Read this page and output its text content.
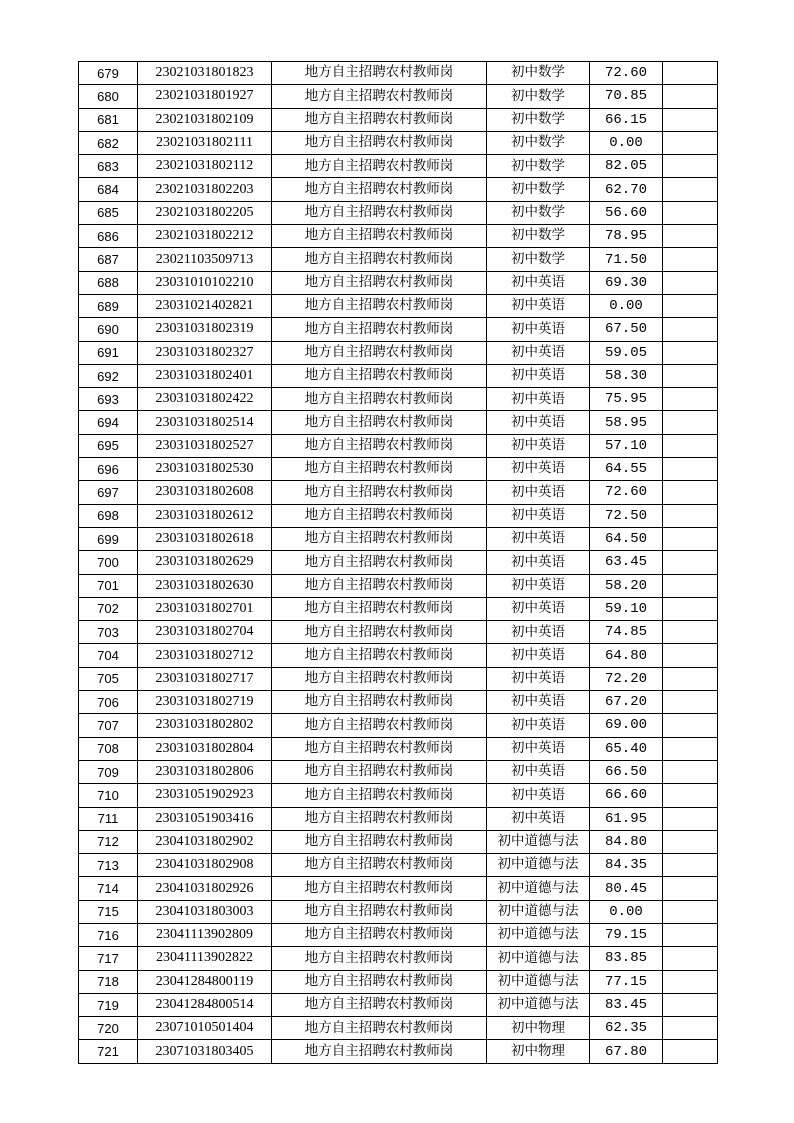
679	23021031801823	地方自主招聘农村教师岗	初中数学	72.60	
680	23021031801927	地方自主招聘农村教师岗	初中数学	70.85	
681	23021031802109	地方自主招聘农村教师岗	初中数学	66.15	
682	23021031802111	地方自主招聘农村教师岗	初中数学	0.00	
683	23021031802112	地方自主招聘农村教师岗	初中数学	82.05	
684	23021031802203	地方自主招聘农村教师岗	初中数学	62.70	
685	23021031802205	地方自主招聘农村教师岗	初中数学	56.60	
686	23021031802212	地方自主招聘农村教师岗	初中数学	78.95	
687	23021103509713	地方自主招聘农村教师岗	初中数学	71.50	
688	23031010102210	地方自主招聘农村教师岗	初中英语	69.30	
689	23031021402821	地方自主招聘农村教师岗	初中英语	0.00	
690	23031031802319	地方自主招聘农村教师岗	初中英语	67.50	
691	23031031802327	地方自主招聘农村教师岗	初中英语	59.05	
692	23031031802401	地方自主招聘农村教师岗	初中英语	58.30	
693	23031031802422	地方自主招聘农村教师岗	初中英语	75.95	
694	23031031802514	地方自主招聘农村教师岗	初中英语	58.95	
695	23031031802527	地方自主招聘农村教师岗	初中英语	57.10	
696	23031031802530	地方自主招聘农村教师岗	初中英语	64.55	
697	23031031802608	地方自主招聘农村教师岗	初中英语	72.60	
698	23031031802612	地方自主招聘农村教师岗	初中英语	72.50	
699	23031031802618	地方自主招聘农村教师岗	初中英语	64.50	
700	23031031802629	地方自主招聘农村教师岗	初中英语	63.45	
701	23031031802630	地方自主招聘农村教师岗	初中英语	58.20	
702	23031031802701	地方自主招聘农村教师岗	初中英语	59.10	
703	23031031802704	地方自主招聘农村教师岗	初中英语	74.85	
704	23031031802712	地方自主招聘农村教师岗	初中英语	64.80	
705	23031031802717	地方自主招聘农村教师岗	初中英语	72.20	
706	23031031802719	地方自主招聘农村教师岗	初中英语	67.20	
707	23031031802802	地方自主招聘农村教师岗	初中英语	69.00	
708	23031031802804	地方自主招聘农村教师岗	初中英语	65.40	
709	23031031802806	地方自主招聘农村教师岗	初中英语	66.50	
710	23031051902923	地方自主招聘农村教师岗	初中英语	66.60	
711	23031051903416	地方自主招聘农村教师岗	初中英语	61.95	
712	23041031802902	地方自主招聘农村教师岗	初中道德与法	84.80	
713	23041031802908	地方自主招聘农村教师岗	初中道德与法	84.35	
714	23041031802926	地方自主招聘农村教师岗	初中道德与法	80.45	
715	23041031803003	地方自主招聘农村教师岗	初中道德与法	0.00	
716	23041113902809	地方自主招聘农村教师岗	初中道德与法	79.15	
717	23041113902822	地方自主招聘农村教师岗	初中道德与法	83.85	
718	23041284800119	地方自主招聘农村教师岗	初中道德与法	77.15	
719	23041284800514	地方自主招聘农村教师岗	初中道德与法	83.45	
720	23071010501404	地方自主招聘农村教师岗	初中物理	62.35	
721	23071031803405	地方自主招聘农村教师岗	初中物理	67.80	
